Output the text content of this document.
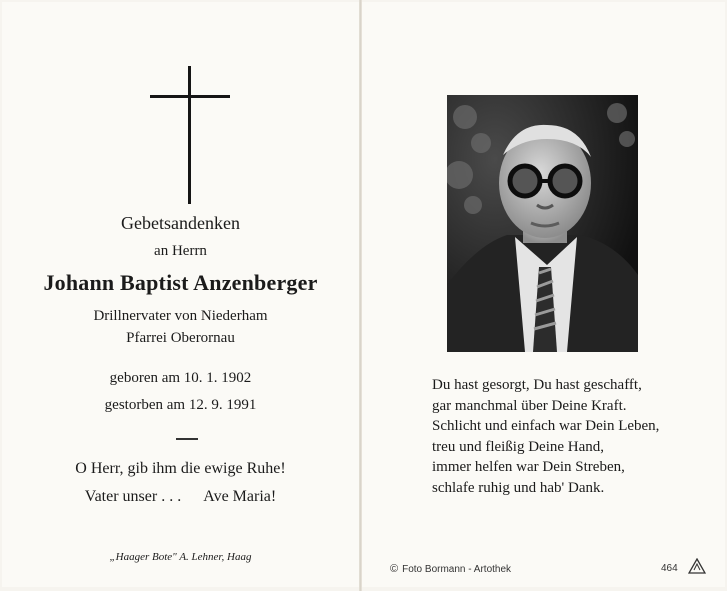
Gebetsandenken
an Herrn
Johann Baptist Anzenberger
Drillnervater von Niederham
Pfarrei Oberornau
geboren am 10. 1. 1902
gestorben am 12. 9. 1991
O Herr, gib ihm die ewige Ruhe!
Vater unser . . . Ave Maria!
„Haager Bote" A. Lehner, Haag
Du hast gesorgt, Du hast geschafft,
gar manchmal über Deine Kraft.
Schlicht und einfach war Dein Leben,
treu und fleißig Deine Hand,
immer helfen war Dein Streben,
schlafe ruhig und hab' Dank.
© Foto Bormann - Artothek	464
